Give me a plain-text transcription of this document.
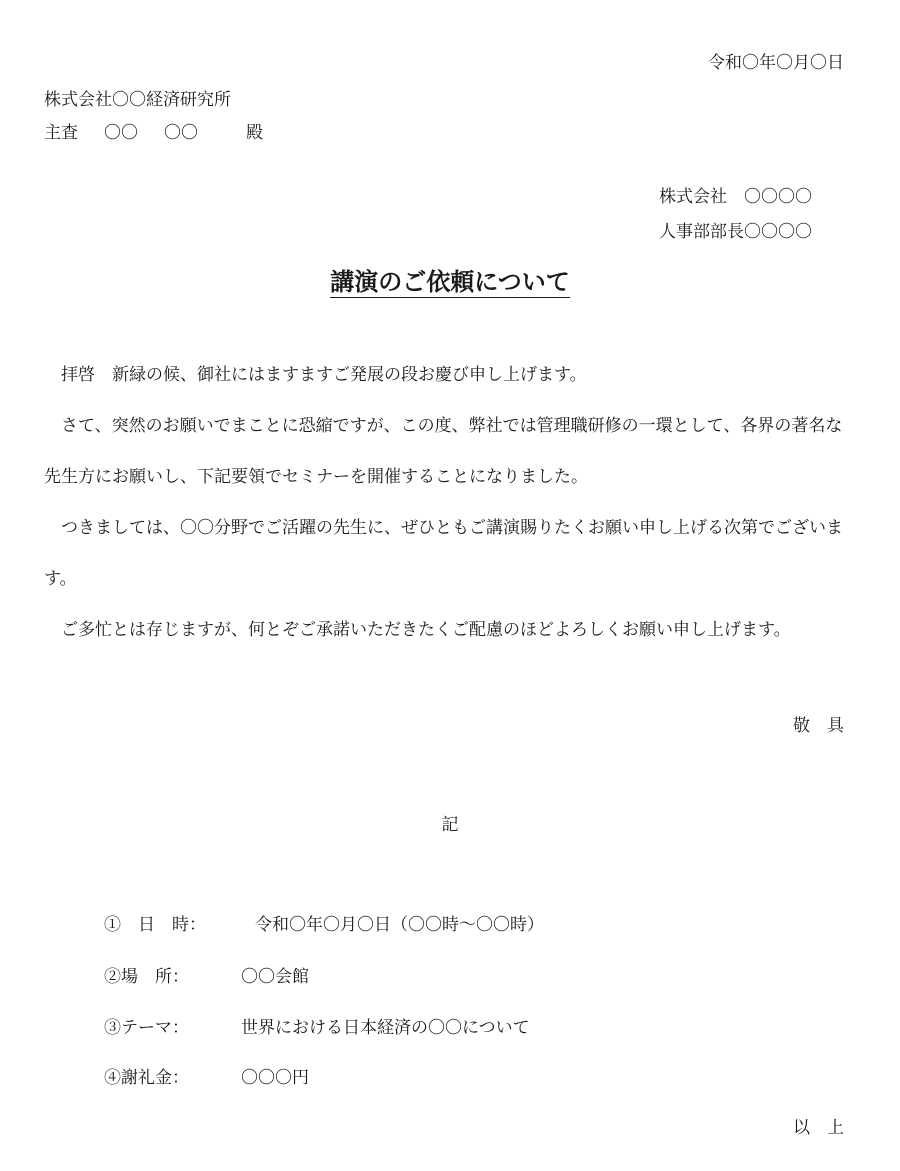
令和〇年〇月〇日
株式会社〇〇経済研究所
主査 〇〇 〇〇	殿
株式会社　〇〇〇〇
人事部部長〇〇〇〇
講演のご依頼について

拝啓　新緑の候、御社にはますますご発展の段お慶び申し上げます。

さて、突然のお願いでまことに恐縮ですが、この度、弊社では管理職研修の一環として、各界の著名な先生方にお願いし、下記要領でセミナーを開催することになりました。

つきましては、〇〇分野でご活躍の先生に、ぜひともご講演賜りたくお願い申し上げる次第でございます。

ご多忙とは存じますが、何とぞご承諾いただきたくご配慮のほどよろしくお願い申し上げます。

敬　具
記
①　日　時：	令和〇年〇月〇日（〇〇時～〇〇時）
②場　所：	〇〇会館
③テーマ：	世界における日本経済の〇〇について
④謝礼金：	〇〇〇円
以　上
